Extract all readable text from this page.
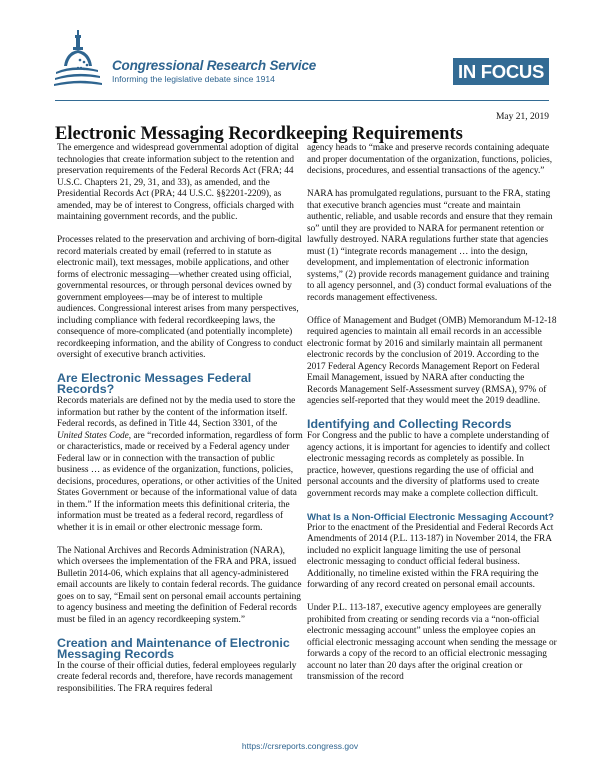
Congressional Research Service
Informing the legislative debate since 1914	IN FOCUS
May 21, 2019
Electronic Messaging Recordkeeping Requirements

The emergence and widespread governmental adoption of digital technologies that create information subject to the retention and preservation requirements of the Federal Records Act (FRA; 44 U.S.C. Chapters 21, 29, 31, and 33), as amended, and the Presidential Records Act (PRA; 44 U.S.C. §§2201-2209), as amended, may be of interest to Congress, officials charged with maintaining government records, and the public.

Processes related to the preservation and archiving of born-digital record materials created by email (referred to in statute as electronic mail), text messages, mobile applications, and other forms of electronic messaging—whether created using official, governmental resources, or through personal devices owned by government employees—may be of interest to multiple audiences. Congressional interest arises from many perspectives, including compliance with federal recordkeeping laws, the consequence of more-complicated (and potentially incomplete) recordkeeping information, and the ability of Congress to conduct oversight of executive branch activities.

Are Electronic Messages Federal Records?

Records materials are defined not by the media used to store the information but rather by the content of the information itself. Federal records, as defined in Title 44, Section 3301, of the United States Code, are “recorded information, regardless of form or characteristics, made or received by a Federal agency under Federal law or in connection with the transaction of public business … as evidence of the organization, functions, policies, decisions, procedures, operations, or other activities of the United States Government or because of the informational value of data in them.” If the information meets this definitional criteria, the information must be treated as a federal record, regardless of whether it is in email or other electronic message form.

The National Archives and Records Administration (NARA), which oversees the implementation of the FRA and PRA, issued Bulletin 2014-06, which explains that all agency-administered email accounts are likely to contain federal records. The guidance goes on to say, “Email sent on personal email accounts pertaining to agency business and meeting the definition of Federal records must be filed in an agency recordkeeping system.”

Creation and Maintenance of Electronic Messaging Records

In the course of their official duties, federal employees regularly create federal records and, therefore, have records management responsibilities. The FRA requires federal

agency heads to “make and preserve records containing adequate and proper documentation of the organization, functions, policies, decisions, procedures, and essential transactions of the agency.”

NARA has promulgated regulations, pursuant to the FRA, stating that executive branch agencies must “create and maintain authentic, reliable, and usable records and ensure that they remain so” until they are provided to NARA for permanent retention or lawfully destroyed. NARA regulations further state that agencies must (1) “integrate records management … into the design, development, and implementation of electronic information systems,” (2) provide records management guidance and training to all agency personnel, and (3) conduct formal evaluations of the records management effectiveness.

Office of Management and Budget (OMB) Memorandum M-12-18 required agencies to maintain all email records in an accessible electronic format by 2016 and similarly maintain all permanent electronic records by the conclusion of 2019. According to the 2017 Federal Agency Records Management Report on Federal Email Management, issued by NARA after conducting the Records Management Self-Assessment survey (RMSA), 97% of agencies self-reported that they would meet the 2019 deadline.

Identifying and Collecting Records

For Congress and the public to have a complete understanding of agency actions, it is important for agencies to identify and collect electronic messaging records as completely as possible. In practice, however, questions regarding the use of official and personal accounts and the diversity of platforms used to create government records may make a complete collection difficult.

What Is a Non-Official Electronic Messaging Account?

Prior to the enactment of the Presidential and Federal Records Act Amendments of 2014 (P.L. 113-187) in November 2014, the FRA included no explicit language limiting the use of personal electronic messaging to conduct official federal business. Additionally, no timeline existed within the FRA requiring the forwarding of any record created on personal email accounts.

Under P.L. 113-187, executive agency employees are generally prohibited from creating or sending records via a “non-official electronic messaging account” unless the employee copies an official electronic messaging account when sending the message or forwards a copy of the record to an official electronic messaging account no later than 20 days after the original creation or transmission of the record

https://crsreports.congress.gov
